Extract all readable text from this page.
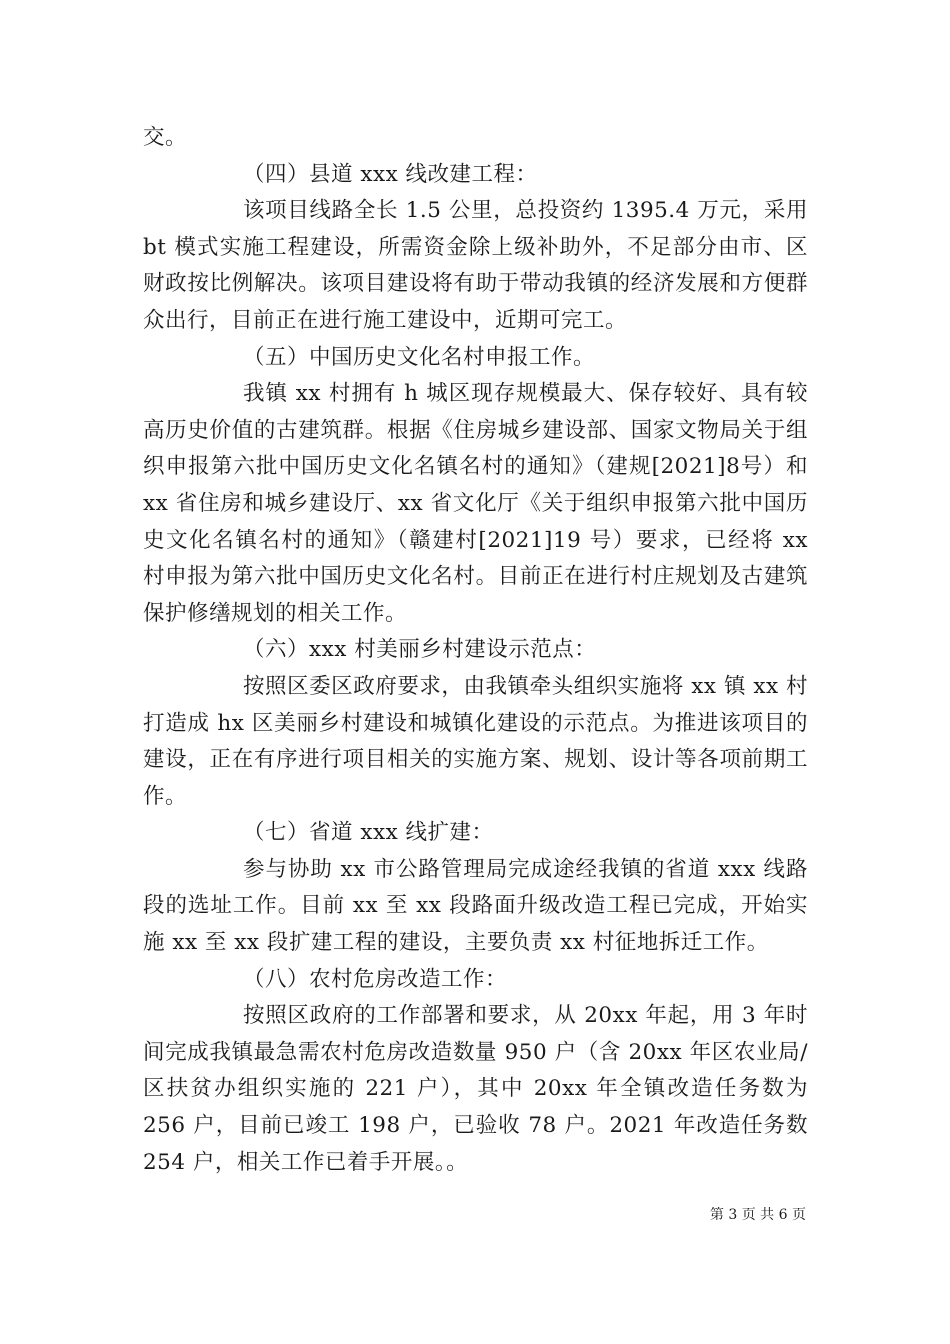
交。

（四）县道 xxx 线改建工程：

该项目线路全长 1.5 公里，总投资约 1395.4 万元，采用 bt 模式实施工程建设，所需资金除上级补助外，不足部分由市、区财政按比例解决。该项目建设将有助于带动我镇的经济发展和方便群众出行，目前正在进行施工建设中，近期可完工。

（五）中国历史文化名村申报工作。

我镇 xx 村拥有 h 城区现存规模最大、保存较好、具有较高历史价值的古建筑群。根据《住房城乡建设部、国家文物局关于组织申报第六批中国历史文化名镇名村的通知》（建规[2021]8号）和 xx 省住房和城乡建设厅、xx 省文化厅《关于组织申报第六批中国历史文化名镇名村的通知》（赣建村[2021]19 号）要求，已经将 xx 村申报为第六批中国历史文化名村。目前正在进行村庄规划及古建筑保护修缮规划的相关工作。

（六）xxx 村美丽乡村建设示范点：

按照区委区政府要求，由我镇牵头组织实施将 xx 镇 xx 村打造成 hx 区美丽乡村建设和城镇化建设的示范点。为推进该项目的建设，正在有序进行项目相关的实施方案、规划、设计等各项前期工作。

（七）省道 xxx 线扩建：

参与协助 xx 市公路管理局完成途经我镇的省道 xxx 线路段的选址工作。目前 xx 至 xx 段路面升级改造工程已完成，开始实施 xx 至 xx 段扩建工程的建设，主要负责 xx 村征地拆迁工作。

（八）农村危房改造工作：

按照区政府的工作部署和要求，从 20xx 年起，用 3 年时间完成我镇最急需农村危房改造数量 950 户（含 20xx 年区农业局/区扶贫办组织实施的 221 户），其中 20xx 年全镇改造任务数为 256 户，目前已竣工 198 户，已验收 78 户。2021 年改造任务数 254 户，相关工作已着手开展。。

第 3 页 共 6 页
